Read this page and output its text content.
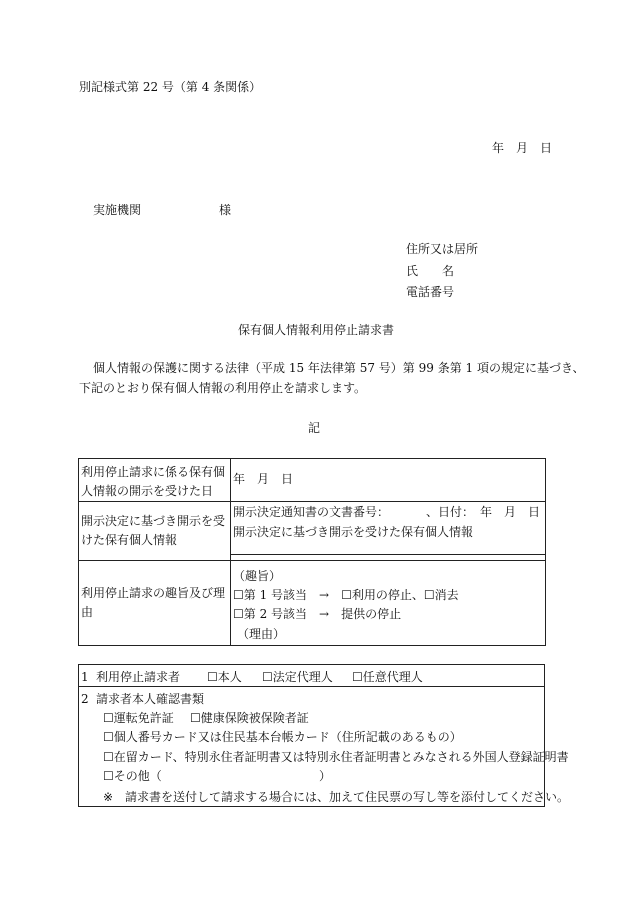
別記様式第 22 号（第 4 条関係）
年　月　日
実施機関	様
住所又は居所
氏　　名
電話番号
保有個人情報利用停止請求書
個人情報の保護に関する法律（平成 15 年法律第 57 号）第 99 条第 1 項の規定に基づき、
下記のとおり保有個人情報の利用停止を請求します。
記
利用停止請求に係る保有個人情報の開示を受けた日	年　月　日

開示決定に基づき開示を受けた保有個人情報	開示決定通知書の文書番号： 、日付：　年　月　日
開示決定に基づき開示を受けた保有個人情報

利用停止請求の趣旨及び理由	（趣旨）
☐第 1 号該当　→　☐利用の停止、☐消去
☐第 2 号該当　→　提供の停止
（理由）
1 利用停止請求者 ☐本人 ☐法定代理人 ☐任意代理人
2 請求者本人確認書類
☐運転免許証 ☐健康保険被保険者証
☐個人番号カード又は住民基本台帳カード（住所記載のあるもの）
☐在留カード、特別永住者証明書又は特別永住者証明書とみなされる外国人登録証明書
☐その他（	）
※ 請求書を送付して請求する場合には、加えて住民票の写し等を添付してください。
